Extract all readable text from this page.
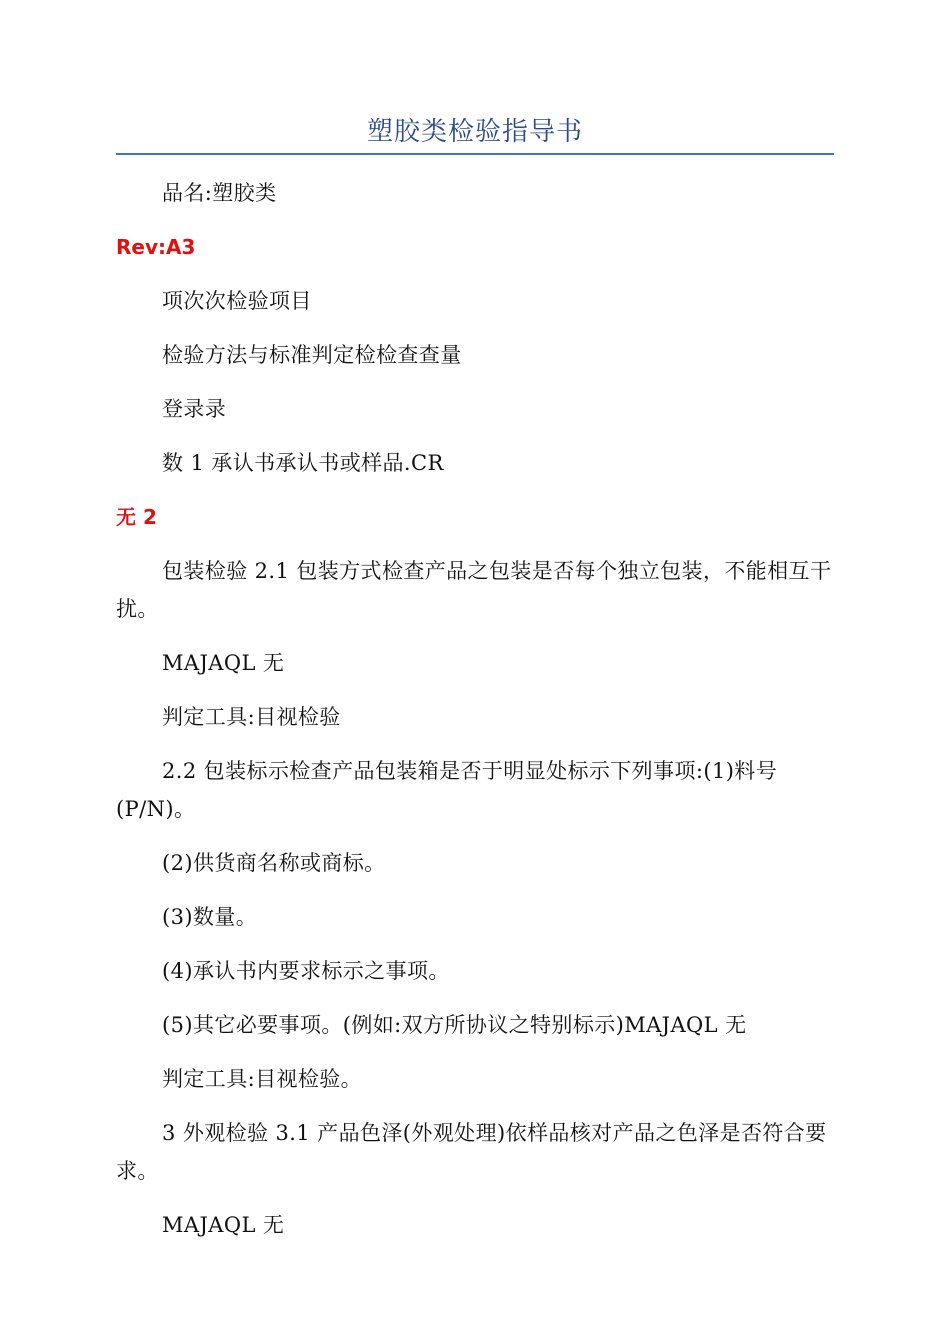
塑胶类检验指导书

品名:塑胶类

Rev:A3

项次次检验项目

检验方法与标准判定检检查查量

登录录

数 1 承认书承认书或样品.CR

无 2

包装检验 2.1 包装方式检查产品之包装是否每个独立包装，不能相互干扰。

MAJAQL 无

判定工具:目视检验

2.2 包装标示检查产品包装箱是否于明显处标示下列事项:(1)料号(P/N)。

(2)供货商名称或商标。

(3)数量。

(4)承认书内要求标示之事项。

(5)其它必要事项。(例如:双方所协议之特别标示)MAJAQL 无

判定工具:目视检验。

3 外观检验 3.1 产品色泽(外观处理)依样品核对产品之色泽是否符合要求。

MAJAQL 无
